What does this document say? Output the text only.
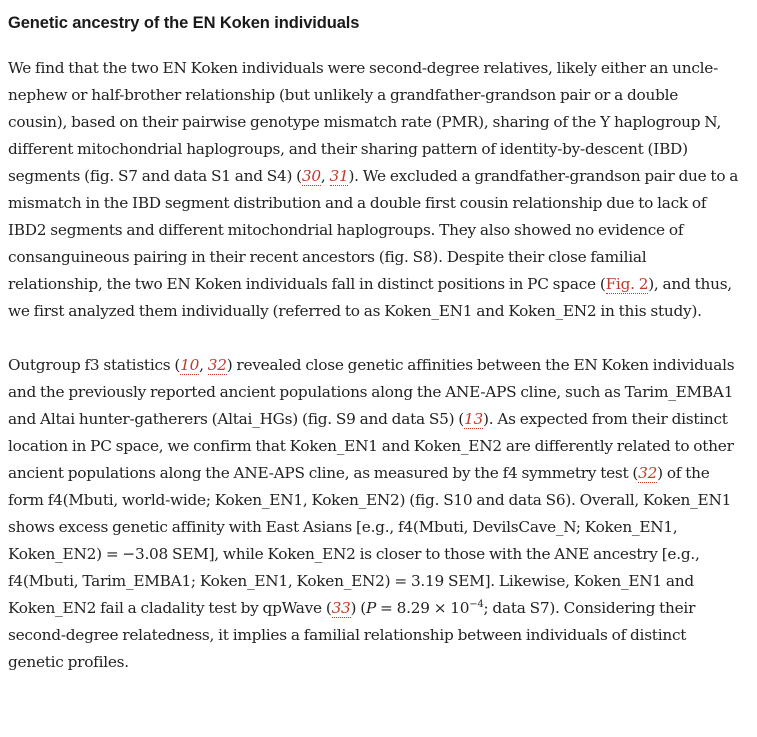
Genetic ancestry of the EN Koken individuals

We find that the two EN Koken individuals were second-degree relatives, likely either an uncle-nephew or half-brother relationship (but unlikely a grandfather-grandson pair or a double cousin), based on their pairwise genotype mismatch rate (PMR), sharing of the Y haplogroup N, different mitochondrial haplogroups, and their sharing pattern of identity-by-descent (IBD) segments (fig. S7 and data S1 and S4) (30, 31). We excluded a grandfather-grandson pair due to a mismatch in the IBD segment distribution and a double first cousin relationship due to lack of IBD2 segments and different mitochondrial haplogroups. They also showed no evidence of consanguineous pairing in their recent ancestors (fig. S8). Despite their close familial relationship, the two EN Koken individuals fall in distinct positions in PC space (Fig. 2), and thus, we first analyzed them individually (referred to as Koken_EN1 and Koken_EN2 in this study).

Outgroup f3 statistics (10, 32) revealed close genetic affinities between the EN Koken individuals and the previously reported ancient populations along the ANE-APS cline, such as Tarim_EMBA1 and Altai hunter-gatherers (Altai_HGs) (fig. S9 and data S5) (13). As expected from their distinct location in PC space, we confirm that Koken_EN1 and Koken_EN2 are differently related to other ancient populations along the ANE-APS cline, as measured by the f4 symmetry test (32) of the form f4(Mbuti, world-wide; Koken_EN1, Koken_EN2) (fig. S10 and data S6). Overall, Koken_EN1 shows excess genetic affinity with East Asians [e.g., f4(Mbuti, DevilsCave_N; Koken_EN1, Koken_EN2) = −3.08 SEM], while Koken_EN2 is closer to those with the ANE ancestry [e.g., f4(Mbuti, Tarim_EMBA1; Koken_EN1, Koken_EN2) = 3.19 SEM]. Likewise, Koken_EN1 and Koken_EN2 fail a cladality test by qpWave (33) ($P = 8.29 \times 10^{-4}$; data S7). Considering their second-degree relatedness, it implies a familial relationship between individuals of distinct genetic profiles.
